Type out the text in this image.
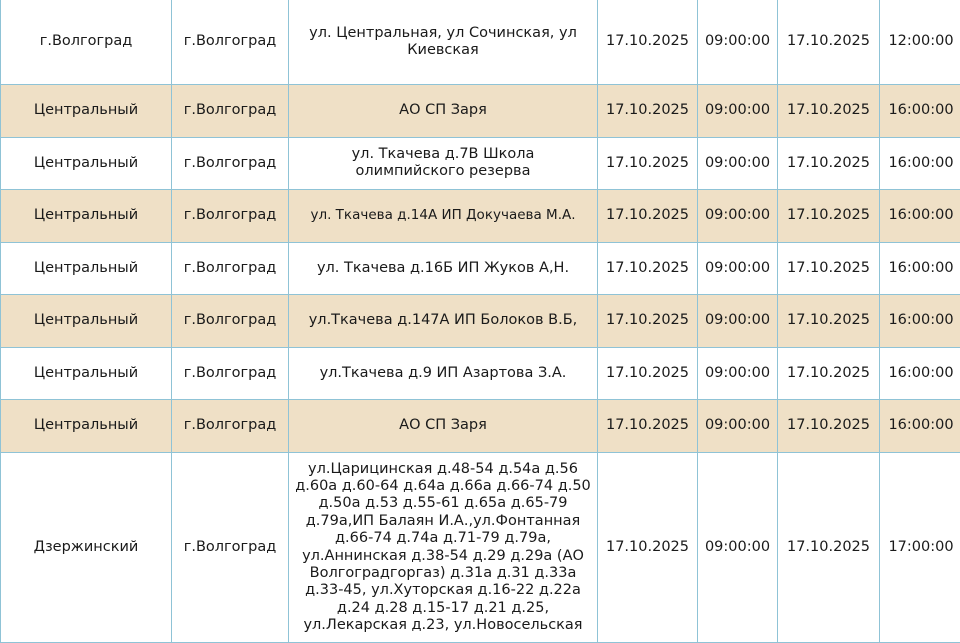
г.Волгоград	г.Волгоград	ул. Центральная, ул Сочинская, ул Киевская	17.10.2025	09:00:00	17.10.2025	12:00:00
Центральный	г.Волгоград	АО СП Заря	17.10.2025	09:00:00	17.10.2025	16:00:00
Центральный	г.Волгоград	ул. Ткачева д.7В Школа олимпийского резерва	17.10.2025	09:00:00	17.10.2025	16:00:00
Центральный	г.Волгоград	ул. Ткачева д.14А ИП Докучаева М.А.	17.10.2025	09:00:00	17.10.2025	16:00:00
Центральный	г.Волгоград	ул. Ткачева д.16Б ИП Жуков А,Н.	17.10.2025	09:00:00	17.10.2025	16:00:00
Центральный	г.Волгоград	ул.Ткачева д.147А ИП Болоков В.Б,	17.10.2025	09:00:00	17.10.2025	16:00:00
Центральный	г.Волгоград	ул.Ткачева д.9 ИП Азартова З.А.	17.10.2025	09:00:00	17.10.2025	16:00:00
Центральный	г.Волгоград	АО СП Заря	17.10.2025	09:00:00	17.10.2025	16:00:00
Дзержинский	г.Волгоград	ул.Царицинская д.48-54 д.54а д.56 д.60а д.60-64 д.64а д.66а д.66-74 д.50 д.50а д.53 д.55-61 д.65а д.65-79 д.79а,ИП Балаян И.А.,ул.Фонтанная д.66-74 д.74а д.71-79 д.79а, ул.Аннинская д.38-54 д.29 д.29а (АО Волгоградгоргаз) д.31а д.31 д.33а д.33-45, ул.Хуторская д.16-22 д.22а д.24 д.28 д.15-17 д.21 д.25, ул.Лекарская д.23, ул.Новосельская	17.10.2025	09:00:00	17.10.2025	17:00:00
